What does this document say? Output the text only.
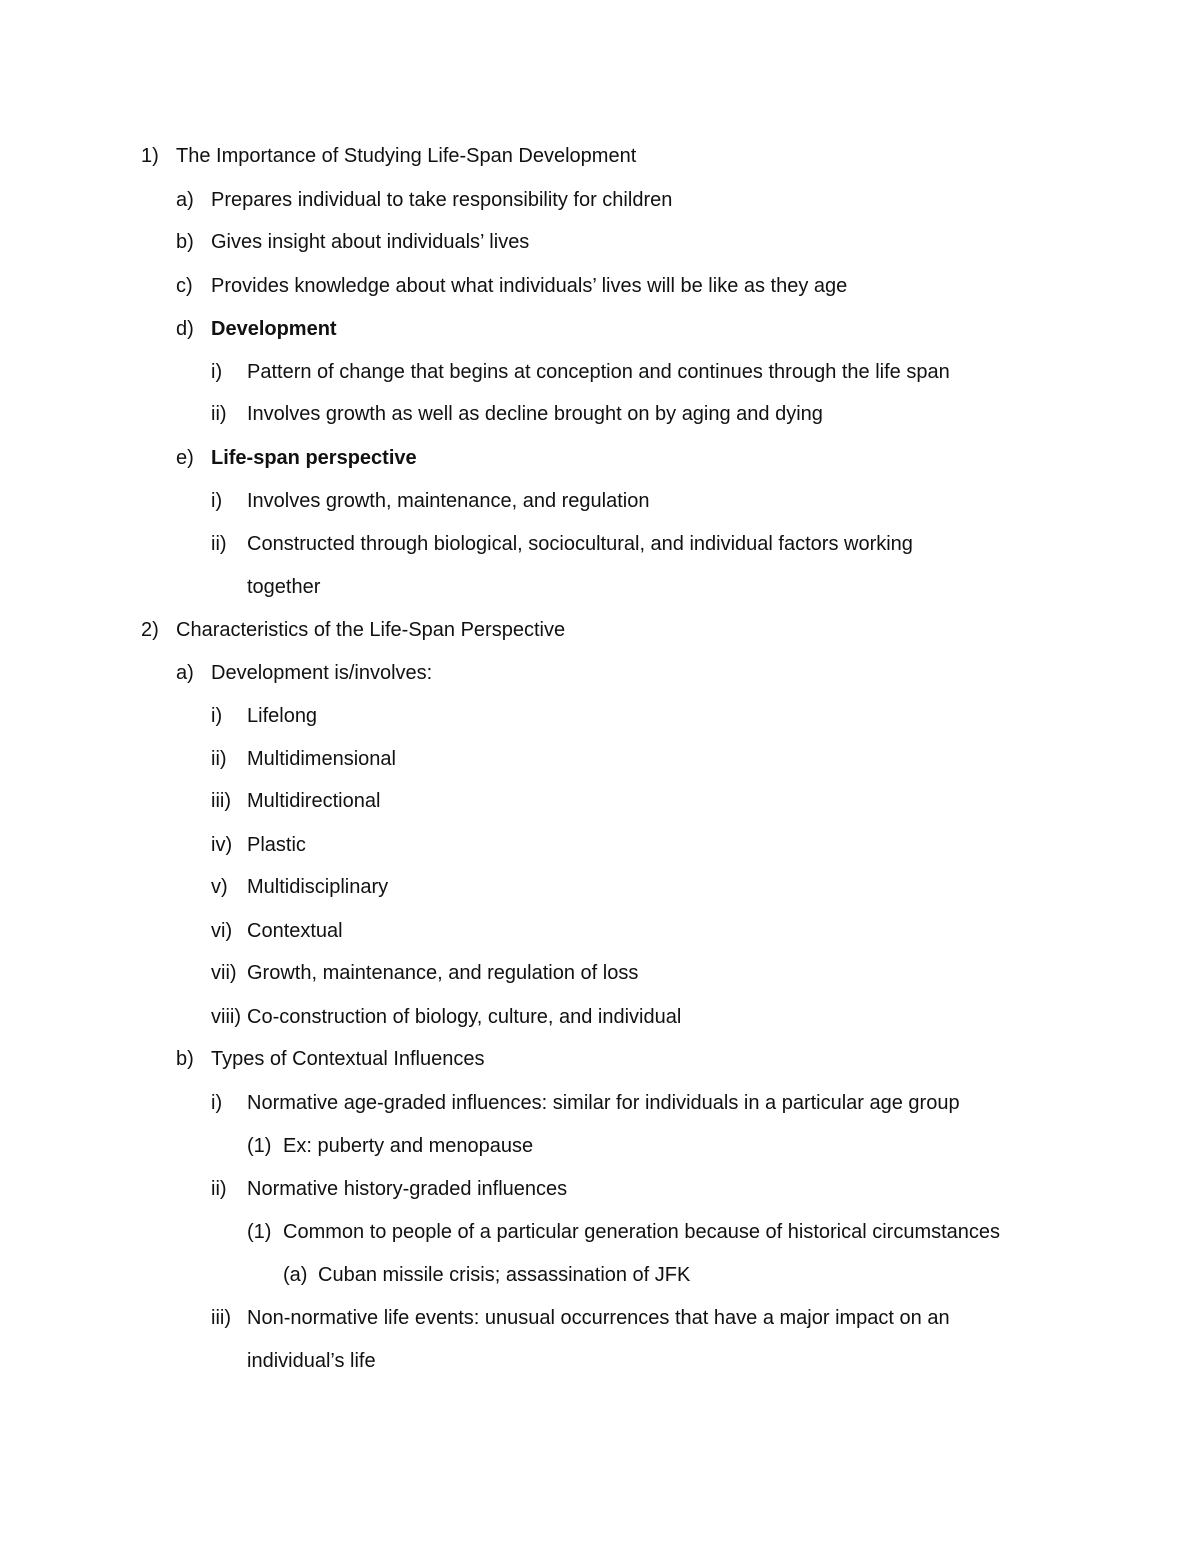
1) The Importance of Studying Life-Span Development
a) Prepares individual to take responsibility for children
b) Gives insight about individuals’ lives
c) Provides knowledge about what individuals’ lives will be like as they age
d) Development
i) Pattern of change that begins at conception and continues through the life span
ii) Involves growth as well as decline brought on by aging and dying
e) Life-span perspective
i) Involves growth, maintenance, and regulation
ii) Constructed through biological, sociocultural, and individual factors working
together
2) Characteristics of the Life-Span Perspective
a) Development is/involves:
i) Lifelong
ii) Multidimensional
iii) Multidirectional
iv) Plastic
v) Multidisciplinary
vi) Contextual
vii) Growth, maintenance, and regulation of loss
viii) Co-construction of biology, culture, and individual
b) Types of Contextual Influences
i) Normative age-graded influences: similar for individuals in a particular age group
(1) Ex: puberty and menopause
ii) Normative history-graded influences
(1) Common to people of a particular generation because of historical circumstances
(a) Cuban missile crisis; assassination of JFK
iii) Non-normative life events: unusual occurrences that have a major impact on an
individual’s life
